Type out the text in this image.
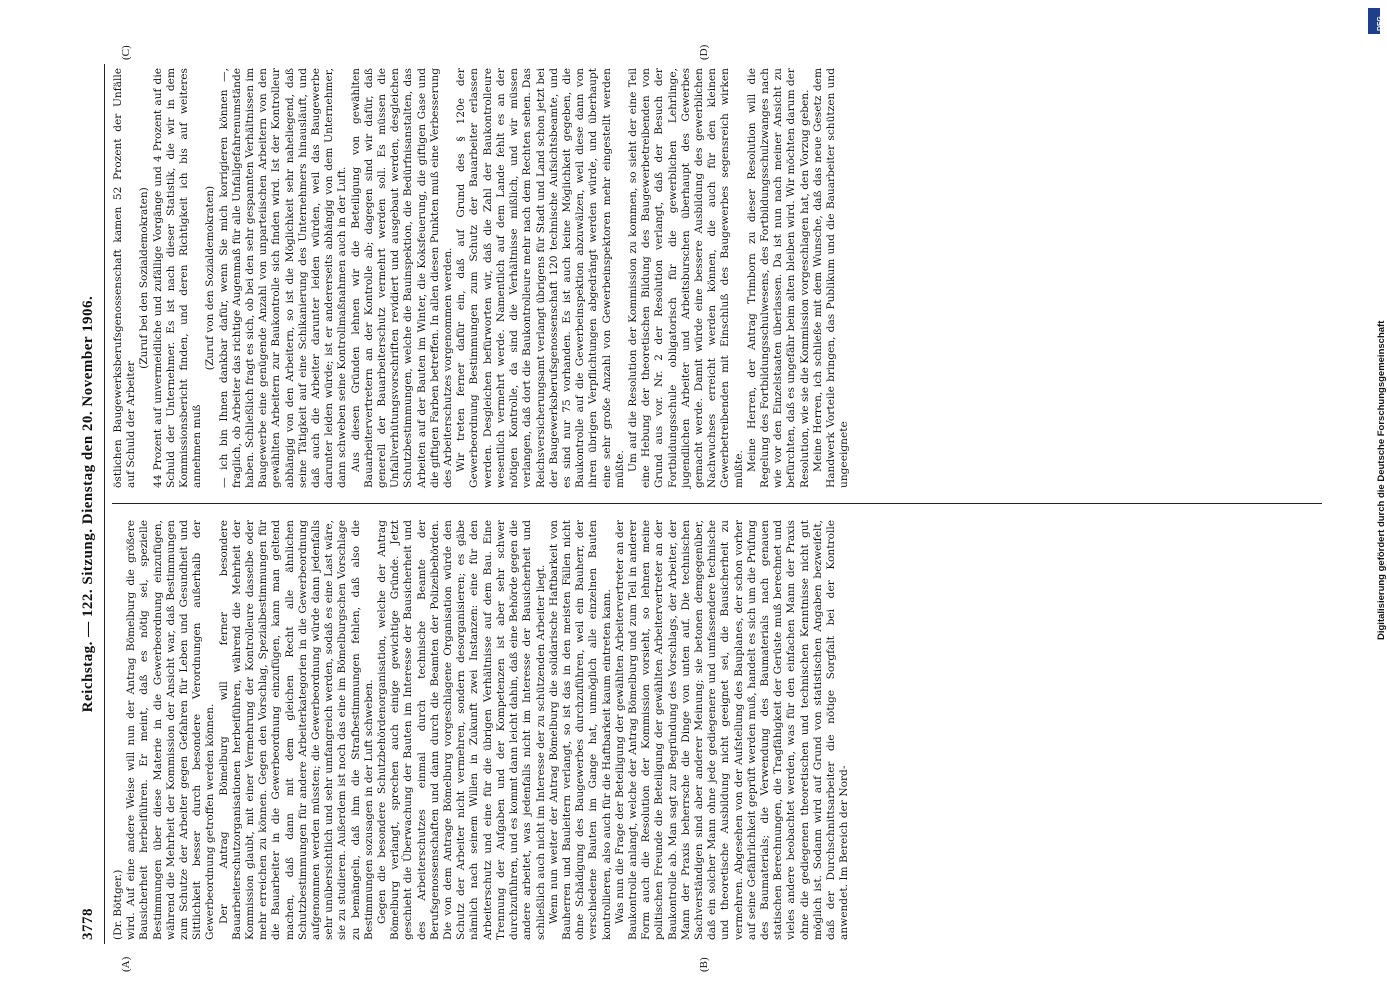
DFG
Digitalisierung gefördert durch die Deutsche Forschungsgemeinschaft
3778
Reichstag. — 122. Sitzung. Dienstag den 20. November 1906.
(A)	(B)
(C)	(D)

(Dr. Böttger.) wird. Auf eine andere Weise will nun der Antrag Bömelburg die größere Bausicherheit herbeiführen. Er meint, daß es nötig sei, spezielle Bestimmungen über diese Materie in die Gewerbeordnung einzufügen, während die Mehrheit der Kommission der Ansicht war, daß Bestimmungen zum Schutze der Arbeiter gegen Gefahren für Leben und Gesundheit und Sittlichkeit besser durch besondere Verordnungen außerhalb der Gewerbeordnung getroffen werden können. Der Antrag Bömelburg will ferner besondere Bauarbeiterschutzorganisationen herbeiführen, während die Mehrheit der Kommission glaubt, mit einer Vermehrung der Kontrolleure dasselbe oder mehr erreichen zu können. Gegen den Vorschlag, Spezialbestimmungen für die Bauarbeiter in die Gewerbeordnung einzufügen, kann man geltend machen, daß dann mit dem gleichen Recht alle ähnlichen Schutzbestimmungen für andere Arbeiterkategorien in die Gewerbeordnung aufgenommen werden müssten; die Gewerbeordnung würde dann jedenfalls sehr unübersichtlich und sehr umfangreich werden, sodaß es eine Last wäre, sie zu studieren. Außerdem ist noch das eine im Bömelburgschen Vorschlage zu bemängeln, daß ihm die Strafbestimmungen fehlen, daß also die Bestimmungen sozusagen in der Luft schweben. Gegen die besondere Schutzbehördenorganisation, welche der Antrag Bömelburg verlangt, sprechen auch einige gewichtige Gründe. Jetzt geschieht die Überwachung der Bauten im Interesse der Bausicherheit und des Arbeiterschutzes einmal durch technische Beamte der Berufsgenossenschaften und dann durch die Beamten der Polizeibehörden. Die von dem Antrage Bömelburg vorgeschlagene Organisation würde den Schutz der Arbeiter nicht vermehren, sondern desorganisieren; es gäbe nämlich nach seinem Willen in Zukunft zwei Instanzen: eine für den Arbeiterschutz und eine für die übrigen Verhältnisse auf dem Bau. Eine Trennung der Aufgaben und der Kompetenzen ist aber sehr schwer durchzuführen, und es kommt dann leicht dahin, daß eine Behörde gegen die andere arbeitet, was jedenfalls nicht im Interesse der Bausicherheit und schließlich auch nicht im Interesse der zu schützenden Arbeiter liegt. Wenn nun weiter der Antrag Bömelburg die solidarische Haftbarkeit von Bauherren und Bauleitern verlangt, so ist das in den meisten Fällen nicht ohne Schädigung des Baugewerbes durchzuführen, weil ein Bauherr, der verschiedene Bauten im Gange hat, unmöglich alle einzelnen Bauten kontrollieren, also auch für die Haftbarkeit kaum eintreten kann. Was nun die Frage der Beteiligung der gewählten Arbeitervertreter an der Baukontrolle anlangt, welche der Antrag Bömelburg und zum Teil in anderer Form auch die Resolution der Kommission vorsieht, so lehnen meine politischen Freunde die Beteiligung der gewählten Arbeitervertreter an der Baukontrolle ab. Man sagt zur Begründung des Vorschlags, der Arbeiter, der Mann der Praxis beherrsche die Dinge von unten auf. Die technischen Sachverständigen sind aber anderer Meinung; sie betonen demgegenüber, daß ein solcher Mann ohne jede gediegenere und umfassendere technische und theoretische Ausbildung nicht geeignet sei, die Bausicherheit zu vermehren. Abgesehen von der Aufstellung des Bauplanes, der schon vorher auf seine Gefährlichkeit geprüft werden muß, handelt es sich um die Prüfung des Baumaterials; die Verwendung des Baumaterials nach genauen statischen Berechnungen, die Tragfähigkeit der Gerüste muß berechnet und vieles andere beobachtet werden, was für den einfachen Mann der Praxis ohne die gediegenen theoretischen und technischen Kenntnisse nicht gut möglich ist. Sodann wird auf Grund von statistischen Angaben bezweifelt, daß der Durchschnittsarbeiter die nötige Sorgfalt bei der Kontrolle anwendet. Im Bereich der Nord-

östlichen Baugewerksberufsgenossenschaft kamen 52 Prozent der Unfälle auf Schuld der Arbeiter

(Zuruf bei den Sozialdemokraten) 44 Prozent auf unvermeidliche und zufällige Vorgänge und 4 Prozent auf die Schuld der Unternehmer. Es ist nach dieser Statistik, die wir in dem Kommissionsbericht finden, und deren Richtigkeit ich bis auf weiteres annehmen muß

(Zuruf von den Sozialdemokraten) — ich bin Ihnen dankbar dafür, wenn Sie mich korrigieren können —, fraglich, ob Arbeiter das richtige Augenmaß für alle Unfallgefahrenumstände haben. Schließlich fragt es sich, ob bei den sehr gespannten Verhältnissen im Baugewerbe eine genügende Anzahl von unparteiischen Arbeitern von den gewählten Arbeitern zur Baukontrolle sich finden wird. Ist der Kontrolleur abhängig von den Arbeitern, so ist die Möglichkeit sehr naheliegend, daß seine Tätigkeit auf eine Schikanierung des Unternehmers hinausläuft, und daß auch die Arbeiter darunter leiden würden, weil das Baugewerbe darunter leiden würde; ist er andererseits abhängig von dem Unternehmer, dann schweben seine Kontrollmaßnahmen auch in der Luft. Aus diesen Gründen lehnen wir die Beteiligung von gewählten Bauarbeitervertretern an der Kontrolle ab; dagegen sind wir dafür, daß generell der Bauarbeiterschutz vermehrt werden soll. Es müssen die Unfallverhütungsvorschriften revidiert und ausgebaut werden, desgleichen Schutzbestimmungen, welche die Bauinspektion, die Bedürfnisanstalten, das Arbeiten auf der Bauten im Winter, die Koksfeuerung, die giftigen Gase und die giftigen Farben betreffen. In allen diesen Punkten muß eine Verbesserung des Arbeiterschutzes vorgenommen werden. Wir treten ferner dafür ein, daß auf Grund des § 120e der Gewerbeordnung Bestimmungen zum Schutz der Bauarbeiter erlassen werden. Desgleichen befürworten wir, daß die Zahl der Baukontrolleure wesentlich vermehrt werde. Namentlich auf dem Lande fehlt es an der nötigen Kontrolle, da sind die Verhältnisse mißlich, und wir müssen verlangen, daß dort die Baukontrolleure mehr nach dem Rechten sehen. Das Reichsversicherungsamt verlangt übrigens für Stadt und Land schon jetzt bei der Baugewerksberufsgenossenschaft 120 technische Aufsichtsbeamte, und es sind nur 75 vorhanden. Es ist auch keine Möglichkeit gegeben, die Baukontrolle auf die Gewerbeinspektion abzuwälzen, weil diese dann von ihren übrigen Verpflichtungen abgedrängt werden würde, und überhaupt eine sehr große Anzahl von Gewerbeinspektoren mehr eingestellt werden müßte. Um auf die Resolution der Kommission zu kommen, so sieht der eine Teil eine Hebung der theoretischen Bildung des Baugewerbetreibenden von Grund aus vor. Nr. 2 der Resolution verlangt, daß der Besuch der Fortbildungsschule obligatorisch für die gewerblichen Lehrlinge, jugendlichen Arbeiter und Arbeitsburschen überhaupt des Gewerbes gemacht werde. Damit würde eine bessere Ausbildung des gewerblichen Nachwuchses erreicht werden können, die auch für den kleinen Gewerbetreibenden mit Einschluß des Baugewerbes segensreich wirken müßte. Meine Herren, der Antrag Trimborn zu dieser Resolution will die Regelung des Fortbildungsschulwesens, des Fortbildungsschulzwanges nach wie vor den Einzelstaaten überlassen. Da ist nun nach meiner Ansicht zu befürchten, daß es ungefähr beim alten bleiben wird. Wir möchten darum der Resolution, wie sie die Kommission vorgeschlagen hat, den Vorzug geben. Meine Herren, ich schließe mit dem Wunsche, daß das neue Gesetz dem Handwerk Vorteile bringen, das Publikum und die Bauarbeiter schützen und ungeeignete
